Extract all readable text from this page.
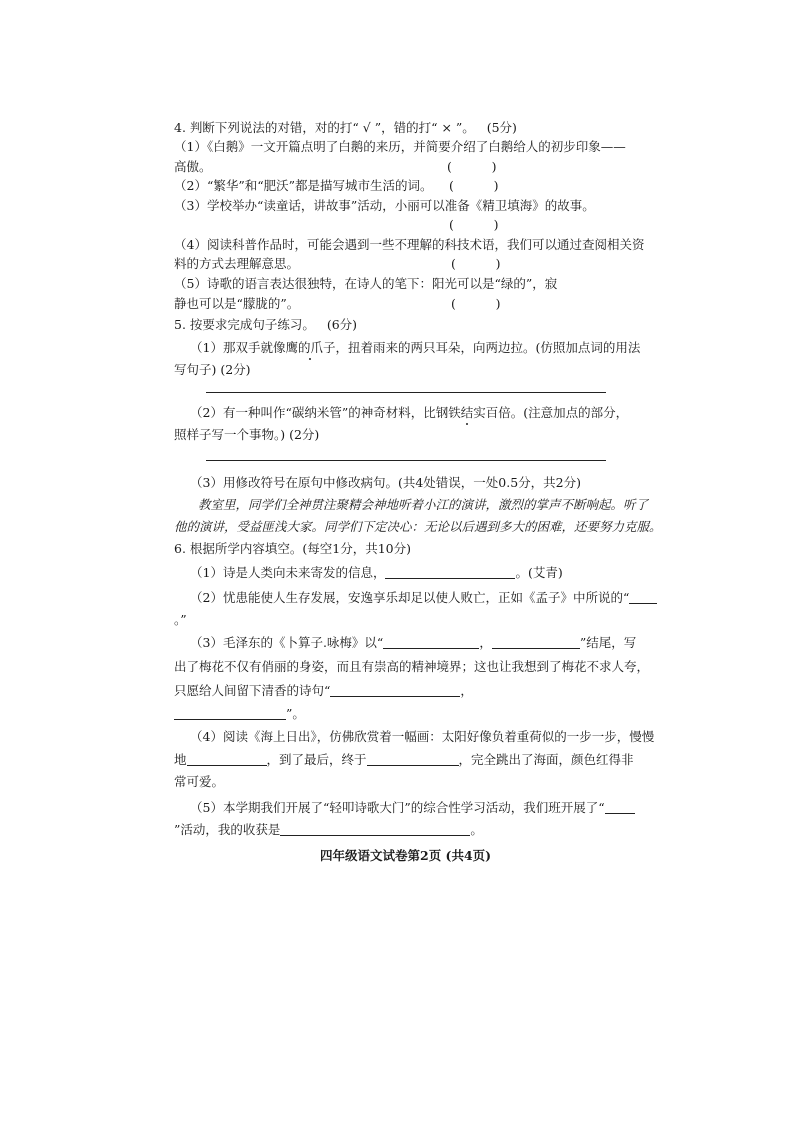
4. 判断下列说法的对错，对的打“ √ ”，错的打“ × ”。 (5分)
（1）《白鹅》一文开篇点明了白鹅的来历，并简要介绍了白鹅给人的初步印象——
高傲。	(	)
（2）“繁华”和“肥沃”都是描写城市生活的词。 (	)
（3）学校举办“读童话，讲故事”活动，小丽可以准备《精卫填海》的故事。
(	)
（4）阅读科普作品时，可能会遇到一些不理解的科技术语，我们可以通过查阅相关资
料的方式去理解意思。	(	)
（5）诗歌的语言表达很独特，在诗人的笔下：阳光可以是“绿的”，寂
静也可以是“朦胧的”。	(	)
5. 按要求完成句子练习。 (6分)
（1）那双手就像鹰的爪子，扭着雨来的两只耳朵，向两边拉。(仿照加点词的用法
写句子) (2分)
（2）有一种叫作“碳纳米管”的神奇材料，比钢铁结实百倍。(注意加点的部分，
照样子写一个事物。) (2分)
（3）用修改符号在原句中修改病句。(共4处错误，一处0.5分，共2分)
教室里，同学们全神贯注聚精会神地听着小江的演讲，激烈的掌声不断响起。听了
他的演讲，受益匪浅大家。同学们下定决心：无论以后遇到多大的困难，还要努力克服。
6. 根据所学内容填空。(每空1分，共10分)
（1）诗是人类向未来寄发的信息，	。(艾青)
（2）忧患能使人生存发展，安逸享乐却足以使人败亡，正如《孟子》中所说的“
。”
（3）毛泽东的《卜算子.咏梅》以“	，	”结尾，写
出了梅花不仅有俏丽的身姿，而且有崇高的精神境界；这也让我想到了梅花不求人夸，
只愿给人间留下清香的诗句“	，
”。
（4）阅读《海上日出》，仿佛欣赏着一幅画：太阳好像负着重荷似的一步一步，慢慢
地	，到了最后，终于	，完全跳出了海面，颜色红得非
常可爱。
（5）本学期我们开展了“轻叩诗歌大门”的综合性学习活动，我们班开展了“
”活动，我的收获是	。
四年级语文试卷第2页 (共4页)
